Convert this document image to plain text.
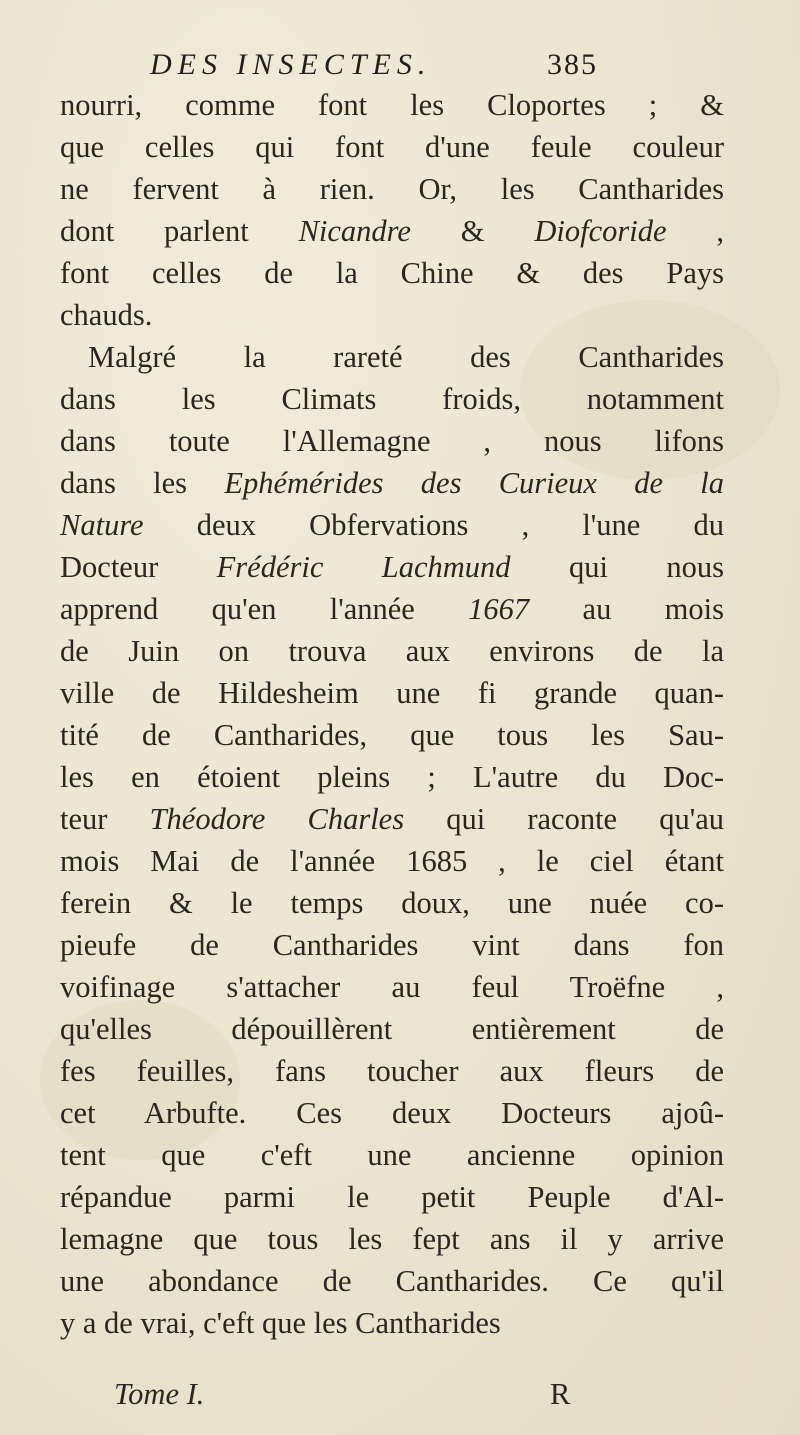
DES INSECTES.	385
nourri, comme font les Cloportes ; &
que celles qui font d'une feule couleur
ne fervent à rien. Or, les Cantharides
dont parlent Nicandre & Diofcoride ,
font celles de la Chine & des Pays
chauds.
Malgré la rareté des Cantharides
dans les Climats froids, notamment
dans toute l'Allemagne , nous lifons
dans les Ephémérides des Curieux de la
Nature deux Obfervations , l'une du
Docteur Frédéric Lachmund qui nous
apprend qu'en l'année 1667 au mois
de Juin on trouva aux environs de la
ville de Hildesheim une fi grande quan-
tité de Cantharides, que tous les Sau-
les en étoient pleins ; L'autre du Doc-
teur Théodore Charles qui raconte qu'au
mois Mai de l'année 1685 , le ciel étant
ferein & le temps doux, une nuée co-
pieufe de Cantharides vint dans fon
voifinage s'attacher au feul Troëfne ,
qu'elles dépouillèrent entièrement de
fes feuilles, fans toucher aux fleurs de
cet Arbufte. Ces deux Docteurs ajoû-
tent que c'eft une ancienne opinion
répandue parmi le petit Peuple d'Al-
lemagne que tous les fept ans il y arrive
une abondance de Cantharides. Ce qu'il
y a de vrai, c'eft que les Cantharides
Tome I.	R
